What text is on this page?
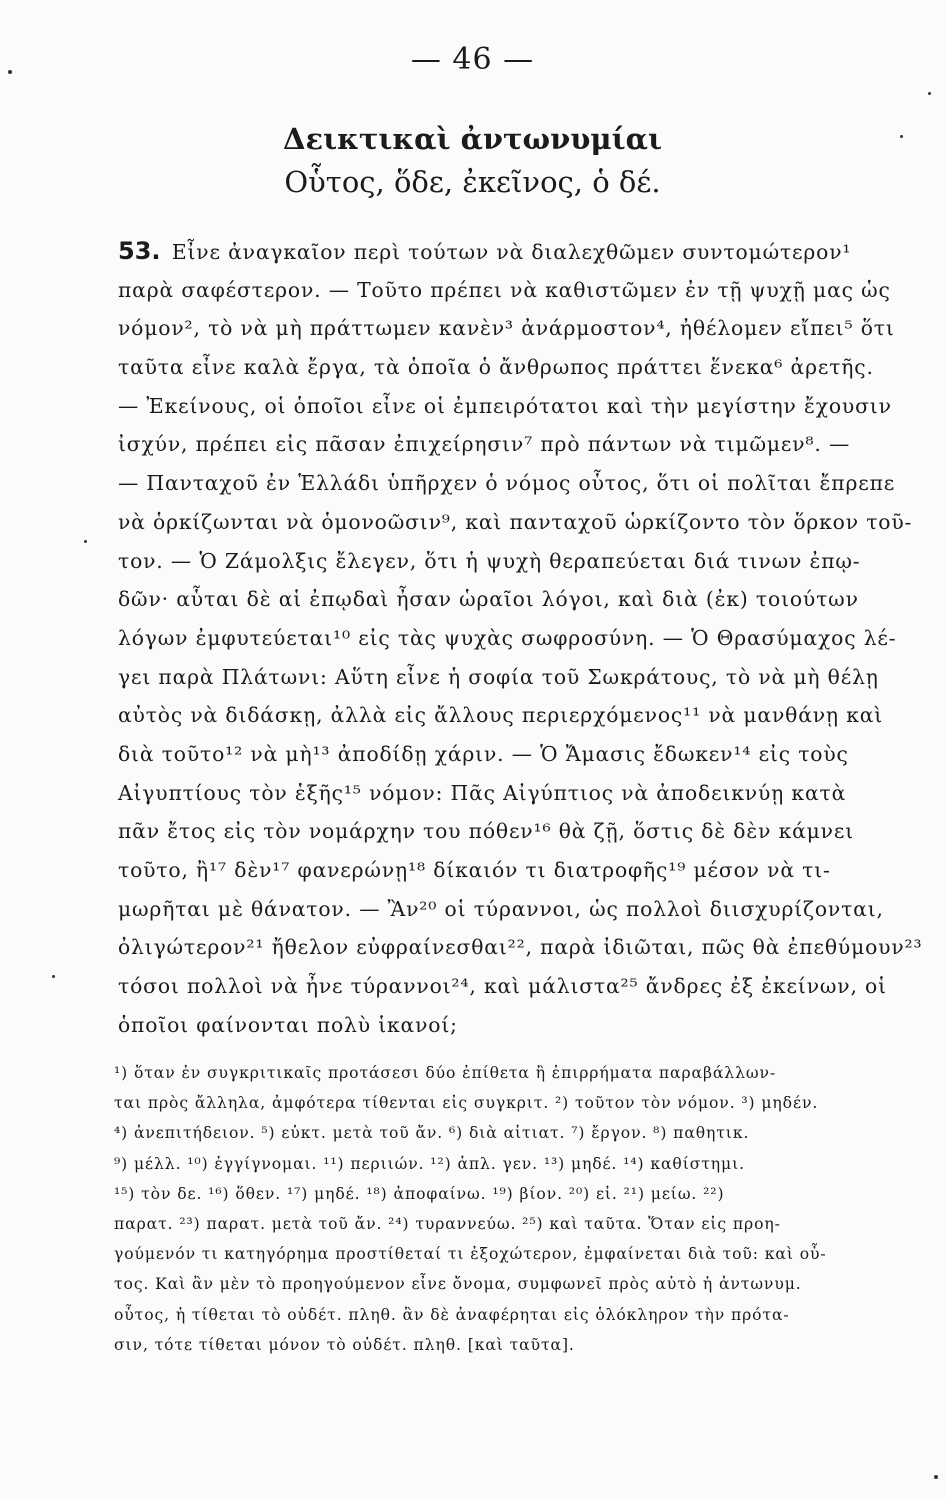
— 46 —
Δεικτικαὶ ἀντωνυμίαι
Οὗτος, ὅδε, ἐκεῖνος, ὁ δέ.
53. Εἶνε ἀναγκαῖον περὶ τούτων νὰ διαλεχθῶμεν συντομώτερον¹
παρὰ σαφέστερον. — Τοῦτο πρέπει νὰ καθιστῶμεν ἐν τῇ ψυχῇ μας ὡς
νόμον², τὸ νὰ μὴ πράττωμεν κανὲν³ ἀνάρμοστον⁴, ἠθέλομεν εἴπει⁵ ὅτι
ταῦτα εἶνε καλὰ ἔργα, τὰ ὁποῖα ὁ ἄνθρωπος πράττει ἕνεκα⁶ ἀρετῆς.
— Ἐκείνους, οἱ ὁποῖοι εἶνε οἱ ἐμπειρότατοι καὶ τὴν μεγίστην ἔχουσιν
ἰσχύν, πρέπει εἰς πᾶσαν ἐπιχείρησιν⁷ πρὸ πάντων νὰ τιμῶμεν⁸. —
— Πανταχοῦ ἐν Ἑλλάδι ὑπῆρχεν ὁ νόμος οὗτος, ὅτι οἱ πολῖται ἔπρεπε
νὰ ὁρκίζωνται νὰ ὁμονοῶσιν⁹, καὶ πανταχοῦ ὡρκίζοντο τὸν ὅρκον τοῦ-
τον. — Ὁ Ζάμολξις ἔλεγεν, ὅτι ἡ ψυχὴ θεραπεύεται διά τινων ἐπῳ-
δῶν· αὗται δὲ αἱ ἐπῳδαὶ ἦσαν ὡραῖοι λόγοι, καὶ διὰ (ἐκ) τοιούτων
λόγων ἐμφυτεύεται¹⁰ εἰς τὰς ψυχὰς σωφροσύνη. — Ὁ Θρασύμαχος λέ-
γει παρὰ Πλάτωνι: Αὕτη εἶνε ἡ σοφία τοῦ Σωκράτους, τὸ νὰ μὴ θέλῃ
αὐτὸς νὰ διδάσκῃ, ἀλλὰ εἰς ἄλλους περιερχόμενος¹¹ νὰ μανθάνῃ καὶ
διὰ τοῦτο¹² νὰ μὴ¹³ ἀποδίδῃ χάριν. — Ὁ Ἄμασις ἔδωκεν¹⁴ εἰς τοὺς
Αἰγυπτίους τὸν ἑξῆς¹⁵ νόμον: Πᾶς Αἰγύπτιος νὰ ἀποδεικνύῃ κατὰ
πᾶν ἔτος εἰς τὸν νομάρχην του πόθεν¹⁶ θὰ ζῇ, ὅστις δὲ δὲν κάμνει
τοῦτο, ἢ¹⁷ δὲν¹⁷ φανερώνῃ¹⁸ δίκαιόν τι διατροφῆς¹⁹ μέσον νὰ τι-
μωρῆται μὲ θάνατον. — Ἂν²⁰ οἱ τύραννοι, ὡς πολλοὶ διισχυρίζονται,
ὀλιγώτερον²¹ ἤθελον εὐφραίνεσθαι²², παρὰ ἰδιῶται, πῶς θὰ ἐπεθύμουν²³
τόσοι πολλοὶ νὰ ἦνε τύραννοι²⁴, καὶ μάλιστα²⁵ ἄνδρες ἐξ ἐκείνων, οἱ
ὁποῖοι φαίνονται πολὺ ἱκανοί;
¹) ὅταν ἐν συγκριτικαῖς προτάσεσι δύο ἐπίθετα ἢ ἐπιρρήματα παραβάλλων-
ται πρὸς ἄλληλα, ἀμφότερα τίθενται εἰς συγκριτ. ²) τοῦτον τὸν νόμον. ³) μηδέν.
⁴) ἀνεπιτήδειον. ⁵) εὐκτ. μετὰ τοῦ ἄν. ⁶) διὰ αἰτιατ. ⁷) ἔργον. ⁸) παθητικ.
⁹) μέλλ. ¹⁰) ἐγγίγνομαι. ¹¹) περιιών. ¹²) ἁπλ. γεν. ¹³) μηδέ. ¹⁴) καθίστημι.
¹⁵) τὸν δε. ¹⁶) ὅθεν. ¹⁷) μηδέ. ¹⁸) ἀποφαίνω. ¹⁹) βίον. ²⁰) εἰ. ²¹) μείω. ²²)
παρατ. ²³) παρατ. μετὰ τοῦ ἄν. ²⁴) τυραννεύω. ²⁵) καὶ ταῦτα. Ὅταν εἰς προη-
γούμενόν τι κατηγόρημα προστίθεταί τι ἐξοχώτερον, ἐμφαίνεται διὰ τοῦ: καὶ οὗ-
τος. Καὶ ἂν μὲν τὸ προηγούμενον εἶνε ὄνομα, συμφωνεῖ πρὸς αὐτὸ ἡ ἀντωνυμ.
οὗτος, ἡ τίθεται τὸ οὐδέτ. πληθ. ἂν δὲ ἀναφέρηται εἰς ὁλόκληρον τὴν πρότα-
σιν, τότε τίθεται μόνον τὸ οὐδέτ. πληθ. [καὶ ταῦτα].
